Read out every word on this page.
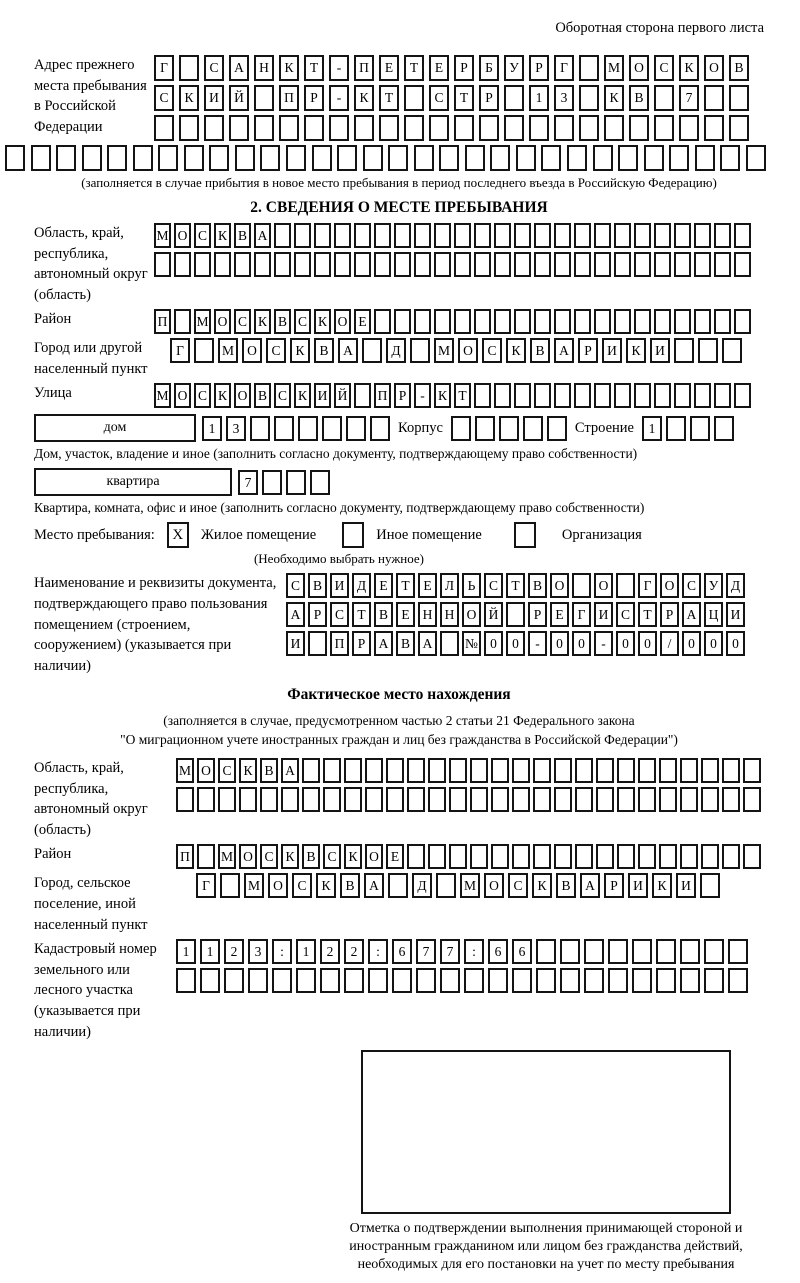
Оборотная сторона первого листа
Адрес прежнего места пребывания в Российской Федерации
Г	С	А	Н	К	Т	-	П	Е	Т	Е	Р	Б	У	Р	Г	М	О	С	К	О	В
С	К	И	Й	П	Р	-	К	Т	С	Т	Р	1	3	К	В	7
(заполняется в случае прибытия в новое место пребывания в период последнего въезда в Российскую Федерацию)
2. СВЕДЕНИЯ О МЕСТЕ ПРЕБЫВАНИЯ
Область, край, республика, автономный округ (область)
М О С К В А
Район	П М О С К В С К О Е
Город или другой населенный пункт
Г	М О	С	К	В	А	Д	М О	С	К	В	А	Р	И	К	И
Улица	М О С К О В С К И Й П Р	- К Т
дом	1	3	Корпус	Строение	1
Дом, участок, владение и иное (заполнить согласно документу, подтверждающему право собственности)
квартира	7
Квартира, комната, офис и иное (заполнить согласно документу, подтверждающему право собственности)
Место пребывания:	X	Жилое помещение	Иное помещение	Организация
(Необходимо выбрать нужное)
Наименование и реквизиты документа, подтверждающего право пользования помещением (строением, сооружением) (указывается при наличии)
С В И Д Е	Т	Е Л	Ь	С Т В О	О	Г О С У Д
А Р	С Т В Е Н Н О Й	Р	Е	Г И С Т	Р А Ц И
И	П Р А В А	№ 0	0	-	0	0	-	0	0	/	0	0	0
Фактическое место нахождения
(заполняется в случае, предусмотренном частью 2 статьи 21 Федерального закона
"О миграционном учете иностранных граждан и лиц без гражданства в Российской Федерации")
Область, край, республика, автономный округ (область)
М О С К В А
Район	П	М О С К В С К О Е
Город, сельское поселение, иной населенный пункт
Г	М О	С	К	В	А	Д	М О	С	К	В	А	Р	И	К	И
Кадастровый номер земельного или лесного участка (указывается при наличии)
1	1	2	3	:	1	2	2	:	6	7	7	:	6	6
Отметка о подтверждении выполнения принимающей стороной и иностранным гражданином или лицом без гражданства действий, необходимых для его постановки на учет по месту пребывания
